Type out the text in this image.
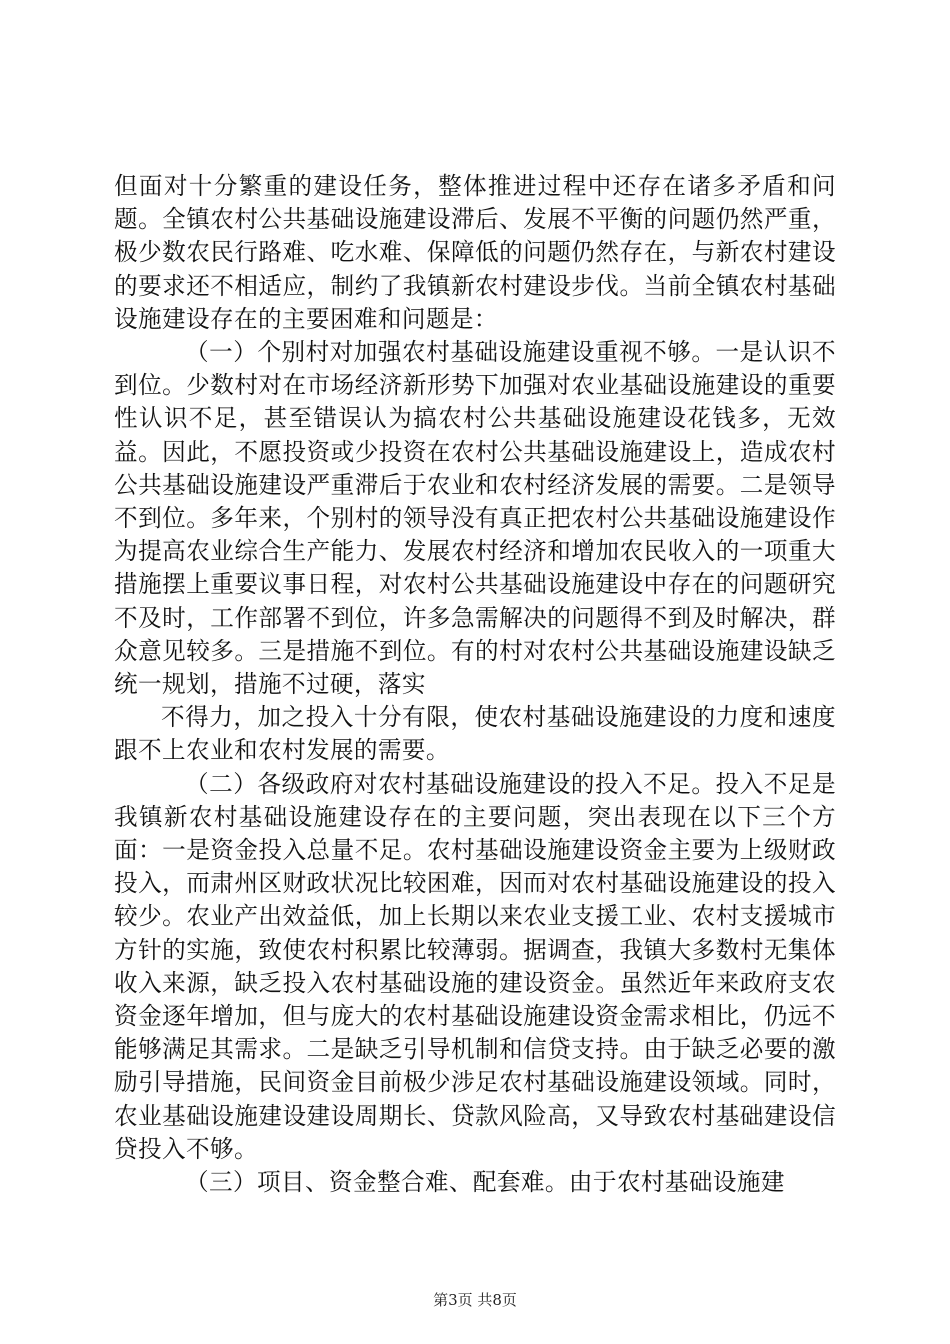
但面对十分繁重的建设任务，整体推进过程中还存在诸多矛盾和问题。全镇农村公共基础设施建设滞后、发展不平衡的问题仍然严重，极少数农民行路难、吃水难、保障低的问题仍然存在，与新农村建设的要求还不相适应，制约了我镇新农村建设步伐。当前全镇农村基础设施建设存在的主要困难和问题是：

（一）个别村对加强农村基础设施建设重视不够。一是认识不到位。少数村对在市场经济新形势下加强对农业基础设施建设的重要性认识不足，甚至错误认为搞农村公共基础设施建设花钱多，无效益。因此，不愿投资或少投资在农村公共基础设施建设上，造成农村公共基础设施建设严重滞后于农业和农村经济发展的需要。二是领导不到位。多年来，个别村的领导没有真正把农村公共基础设施建设作为提高农业综合生产能力、发展农村经济和增加农民收入的一项重大措施摆上重要议事日程，对农村公共基础设施建设中存在的问题研究不及时，工作部署不到位，许多急需解决的问题得不到及时解决，群众意见较多。三是措施不到位。有的村对农村公共基础设施建设缺乏统一规划，措施不过硬，落实

不得力，加之投入十分有限，使农村基础设施建设的力度和速度跟不上农业和农村发展的需要。

（二）各级政府对农村基础设施建设的投入不足。投入不足是我镇新农村基础设施建设存在的主要问题，突出表现在以下三个方面：一是资金投入总量不足。农村基础设施建设资金主要为上级财政投入，而肃州区财政状况比较困难，因而对农村基础设施建设的投入较少。农业产出效益低，加上长期以来农业支援工业、农村支援城市方针的实施，致使农村积累比较薄弱。据调查，我镇大多数村无集体收入来源，缺乏投入农村基础设施的建设资金。虽然近年来政府支农资金逐年增加，但与庞大的农村基础设施建设资金需求相比，仍远不能够满足其需求。二是缺乏引导机制和信贷支持。由于缺乏必要的激励引导措施，民间资金目前极少涉足农村基础设施建设领域。同时，农业基础设施建设建设周期长、贷款风险高，又导致农村基础建设信贷投入不够。

（三）项目、资金整合难、配套难。由于农村基础设施建

第3页 共8页
